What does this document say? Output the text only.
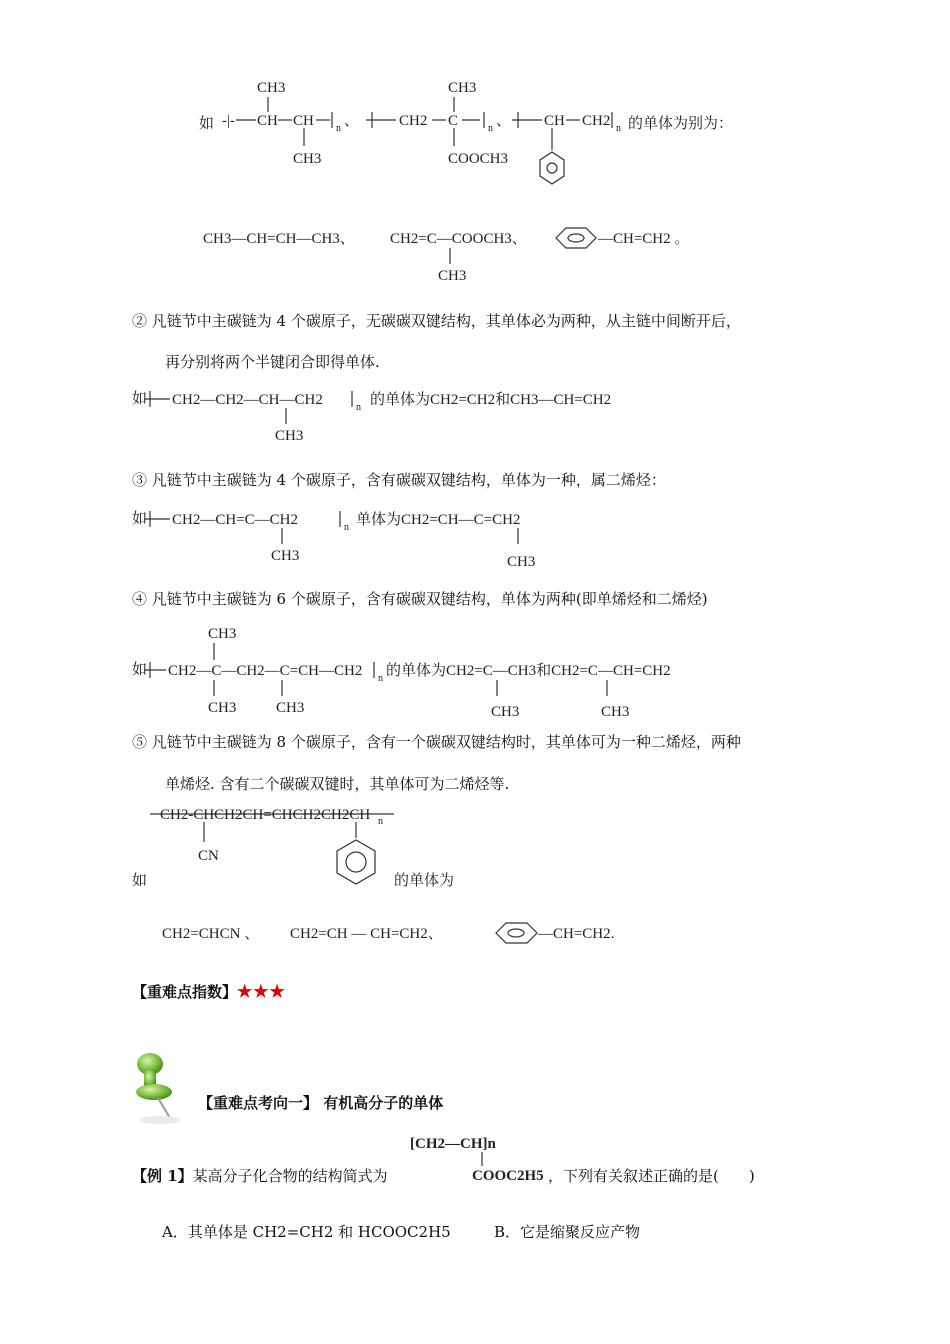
如
CH3
-|- CH CH
CH3
n 、	CH2 C
CH3
COOCH3
n 、 CH CH2 n 的单体为别为：
CH3—CH=CH—CH3、 CH2=C—COOCH3、
CH3
—CH=CH2 。
② 凡链节中主碳链为 4 个碳原子，无碳碳双键结构，其单体必为两种，从主链中间断开后，
再分别将两个半键闭合即得单体.
如 CH2—CH2—CH—CH2	n
CH3
的单体为CH2=CH2和CH3—CH=CH2
③ 凡链节中主碳链为 4 个碳原子，含有碳碳双键结构，单体为一种，属二烯烃：
如 CH2—CH=C—CH2	n
CH3
单体为CH2=CH—C=CH2
CH3
④ 凡链节中主碳链为 6 个碳原子，含有碳碳双键结构，单体为两种(即单烯烃和二烯烃)
CH3
如 CH2—C—CH2—C=CH—CH2 n
CH3	CH3
的单体为CH2=C—CH3和CH2=C—CH=CH2
CH3	CH3
⑤ 凡链节中主碳链为 8 个碳原子，含有一个碳碳双键结构时，其单体可为一种二烯烃，两种
单烯烃. 含有二个碳碳双键时，其单体可为二烯烃等.
CH2-CHCH2CH=CHCH2CH2CH n
CN
如	的单体为
CH2=CHCN 、 CH2=CH — CH=CH2、	—CH=CH2.
【重难点指数】★★★
【重难点考向一】 有机高分子的单体
[CH2—CH]n
COOC2H5
【例 1】某高分子化合物的结构简式为	，下列有关叙述正确的是(　　)
A．其单体是 CH2=CH2 和 HCOOC2H5	B．它是缩聚反应产物
